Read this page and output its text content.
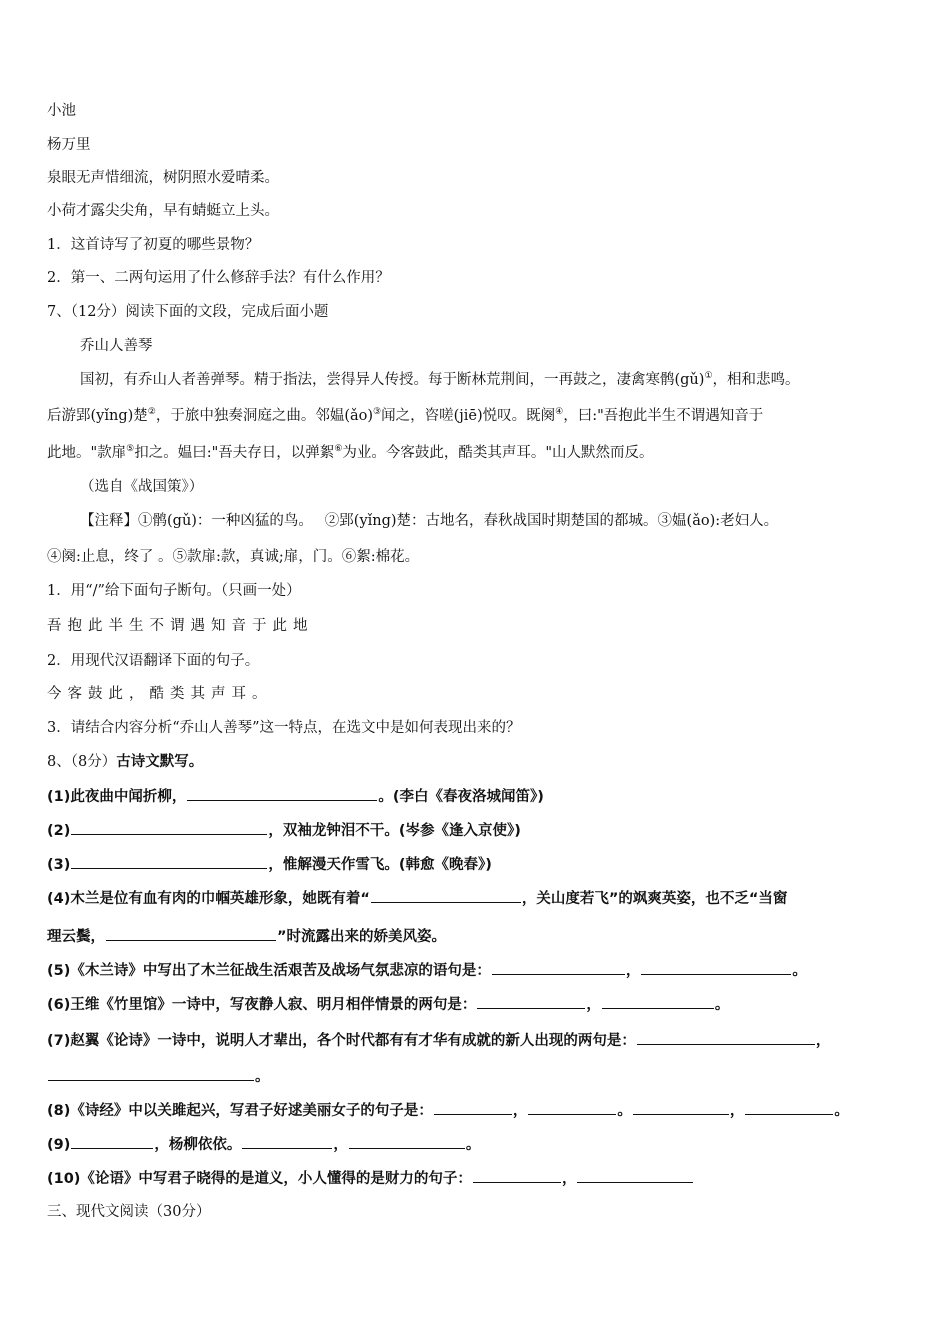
小池
杨万里
泉眼无声惜细流，树阴照水爱晴柔。
小荷才露尖尖角，早有蜻蜓立上头。
1．这首诗写了初夏的哪些景物？
2．第一、二两句运用了什么修辞手法？有什么作用？
7、（12分）阅读下面的文段，完成后面小题
乔山人善琴
国初，有乔山人者善弹琴。精于指法，尝得异人传授。每于断林荒荆间，一再鼓之，凄禽寒鹘(gǔ)①，相和悲鸣。
后游郢(yǐng)楚②，于旅中独奏洞庭之曲。邻媪(ǎo)③闻之，咨嗟(jiē)悦叹。既阕④，曰:"吾抱此半生不谓遇知音于
此地。"款扉⑤扣之。媪曰:"吾夫存日，以弹絮⑥为业。今客鼓此，酷类其声耳。"山人默然而反。
（选自《战国策》）
【注释】①鹘(gǔ)：一种凶猛的鸟。　 ②郢(yǐng)楚：古地名，春秋战国时期楚国的都城。③媪(ǎo):老妇人。
④阕:止息，终了 。⑤款扉:款，真诚;扉，门。⑥絮:棉花。
1．用“/”给下面句子断句。（只画一处）
吾抱此半生不谓遇知音于此地
2．用现代汉语翻译下面的句子。
今客鼓此，酷类其声耳。
3．请结合内容分析“乔山人善琴”这一特点，在选文中是如何表现出来的？
8、（8分）古诗文默写。
(1)此夜曲中闻折柳，	。(李白《春夜洛城闻笛》)
(2)	，双袖龙钟泪不干。(岑参《逢入京使》)
(3)	，惟解漫天作雪飞。(韩愈《晚春》)
(4)木兰是位有血有肉的巾帼英雄形象，她既有着“	，关山度若飞”的飒爽英姿，也不乏“当窗
理云鬓，	”时流露出来的娇美风姿。
(5)《木兰诗》中写出了木兰征战生活艰苦及战场气氛悲凉的语句是：	，	。
(6)王维《竹里馆》一诗中，写夜静人寂、明月相伴情景的两句是：	，	。
(7)赵翼《论诗》一诗中，说明人才辈出，各个时代都有有才华有成就的新人出现的两句是：	，
。
(8)《诗经》中以关雎起兴，写君子好逑美丽女子的句子是：	，	。	，	。
(9)	，杨柳依依。	，	。
(10)《论语》中写君子晓得的是道义，小人懂得的是财力的句子：	，
三、现代文阅读（30分）
